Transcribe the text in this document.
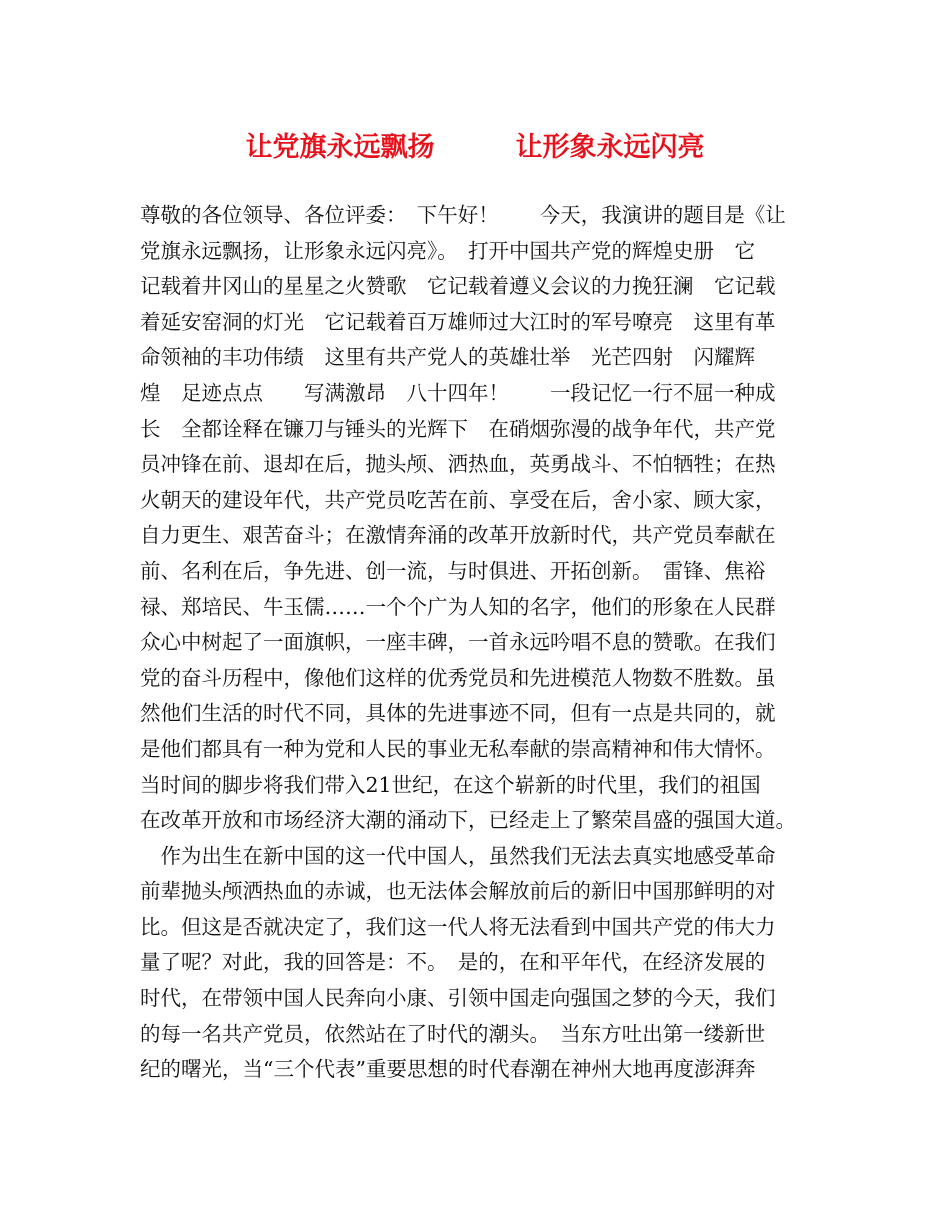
让党旗永远飘扬　　　让形象永远闪亮
尊敬的各位领导、各位评委：　下午好！　　今天，我演讲的题目是《让
党旗永远飘扬，让形象永远闪亮》。　打开中国共产党的辉煌史册　它
记载着井冈山的星星之火赞歌　它记载着遵义会议的力挽狂澜　它记载
着延安窑洞的灯光　它记载着百万雄师过大江时的军号嘹亮　这里有革
命领袖的丰功伟绩　这里有共产党人的英雄壮举　光芒四射　闪耀辉
煌　足迹点点　　写满激昂　八十四年！　　一段记忆一行不屈一种成
长　全都诠释在镰刀与锤头的光辉下　在硝烟弥漫的战争年代，共产党
员冲锋在前、退却在后，抛头颅、洒热血，英勇战斗、不怕牺牲；在热
火朝天的建设年代，共产党员吃苦在前、享受在后，舍小家、顾大家，
自力更生、艰苦奋斗；在激情奔涌的改革开放新时代，共产党员奉献在
前、名利在后，争先进、创一流，与时俱进、开拓创新。　雷锋、焦裕
禄、郑培民、牛玉儒……一个个广为人知的名字，他们的形象在人民群
众心中树起了一面旗帜，一座丰碑，一首永远吟唱不息的赞歌。在我们
党的奋斗历程中，像他们这样的优秀党员和先进模范人物数不胜数。虽
然他们生活的时代不同，具体的先进事迹不同，但有一点是共同的，就
是他们都具有一种为党和人民的事业无私奉献的崇高精神和伟大情怀。
当时间的脚步将我们带入21世纪，在这个崭新的时代里，我们的祖国
在改革开放和市场经济大潮的涌动下，已经走上了繁荣昌盛的强国大道。
　作为出生在新中国的这一代中国人，虽然我们无法去真实地感受革命
前辈抛头颅洒热血的赤诚，也无法体会解放前后的新旧中国那鲜明的对
比。但这是否就决定了，我们这一代人将无法看到中国共产党的伟大力
量了呢？对此，我的回答是：不。　是的，在和平年代，在经济发展的
时代，在带领中国人民奔向小康、引领中国走向强国之梦的今天，我们
的每一名共产党员，依然站在了时代的潮头。　当东方吐出第一缕新世
纪的曙光，当“三个代表”重要思想的时代春潮在神州大地再度澎湃奔
